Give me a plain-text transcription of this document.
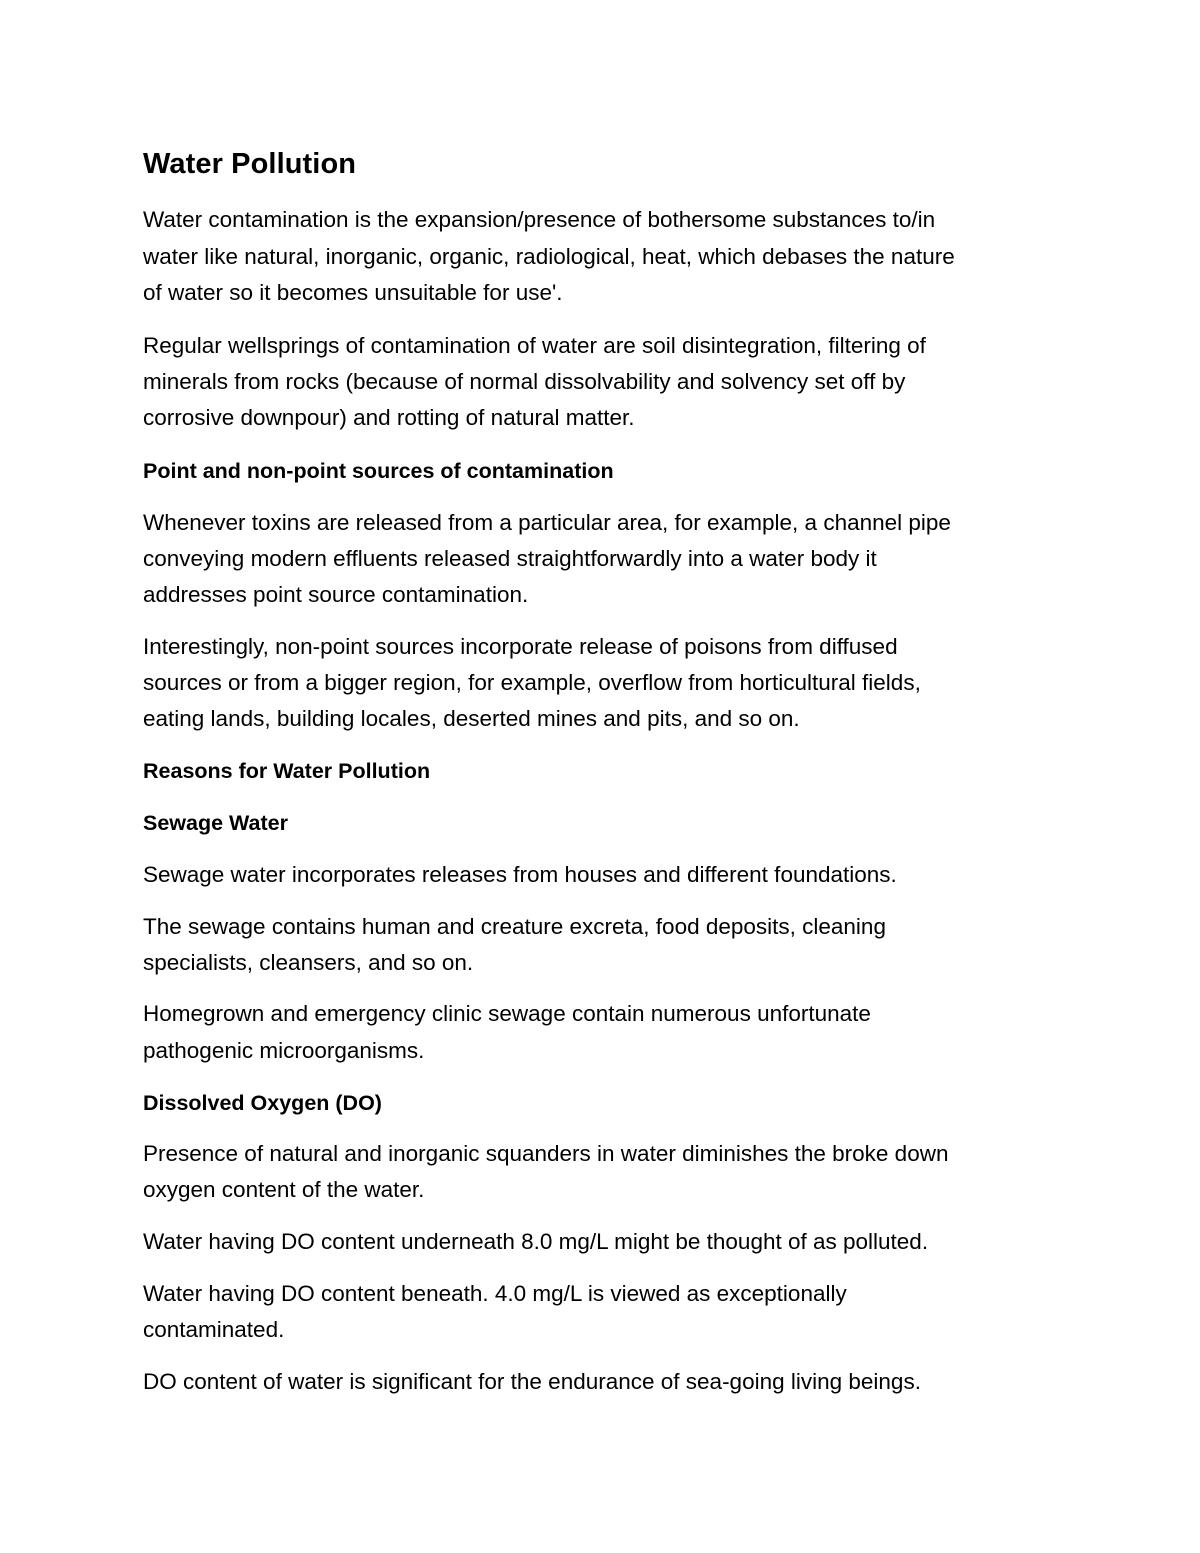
Water Pollution
Water contamination is the expansion/presence of bothersome substances to/in
water like natural, inorganic, organic, radiological, heat, which debases the nature
of water so it becomes unsuitable for use'.
Regular wellsprings of contamination of water are soil disintegration, filtering of
minerals from rocks (because of normal dissolvability and solvency set off by
corrosive downpour) and rotting of natural matter.
Point and non-point sources of contamination
Whenever toxins are released from a particular area, for example, a channel pipe
conveying modern effluents released straightforwardly into a water body it
addresses point source contamination.
Interestingly, non-point sources incorporate release of poisons from diffused
sources or from a bigger region, for example, overflow from horticultural fields,
eating lands, building locales, deserted mines and pits, and so on.
Reasons for Water Pollution
Sewage Water
Sewage water incorporates releases from houses and different foundations.
The sewage contains human and creature excreta, food deposits, cleaning
specialists, cleansers, and so on.
Homegrown and emergency clinic sewage contain numerous unfortunate
pathogenic microorganisms.
Dissolved Oxygen (DO)
Presence of natural and inorganic squanders in water diminishes the broke down
oxygen content of the water.
Water having DO content underneath 8.0 mg/L might be thought of as polluted.
Water having DO content beneath. 4.0 mg/L is viewed as exceptionally
contaminated.
DO content of water is significant for the endurance of sea-going living beings.
